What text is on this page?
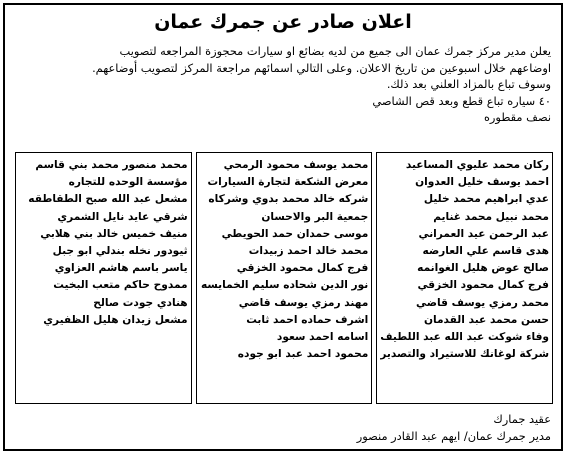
اعلان صادر عن جمرك عمان
يعلن مدير مركز جمرك عمان الى جميع من لديه بضائع او سيارات محجوزة المراجعه لتصويب
اوضاعهم خلال اسبوعين من تاريخ الاعلان. وعلى التالي اسمائهم مراجعة المركز لتصويب أوضاعهم.
وسوف تباع بالمزاد العلني بعد ذلك.
٤٠ سياره تباع قطع وبعد قص الشاصي
نصف مقطوره
ركان محمد عليوي المساعيد
احمد يوسف خليل العدوان
عدي ابراهيم محمد خليل
محمد نبيل محمد غنايم
عبد الرحمن عيد العمراني
هدى قاسم علي العارضه
صالح عوض هليل الغوانمه
فرج كمال محمود الخزقي
محمد رمزي يوسف قاضي
حسن محمد عبد القدمان
وفاء شوكت عبد الله عبد اللطيف
شركة لوغانك للاستيراد والتصدير
محمد يوسف محمود الرمحي
معرض الشكعة لتجارة السيارات
شركه خالد محمد بدوي وشركاه
جمعية البر والاحسان
موسى حمدان حمد الحويطي
محمد خالد احمد زبيدات
فرج كمال محمود الخزقي
نور الدين شحاده سليم الخمايسه
مهند رمزي يوسف قاضي
اشرف حماده احمد ثابت
اسامه احمد سعود
محمود احمد عبد ابو جوده
محمد منصور محمد بني قاسم
مؤسسة الوحده للتجاره
مشعل عبد الله صبح الطقاطقه
شرقي عايد نايل الشمري
منيف خميس خالد بني هلابي
ثيودور نخله بندلي ابو جبل
ياسر باسم هاشم العزاوي
ممدوح حاكم متعب البخيت
هنادي جودت صالح
مشعل زيدان هليل الظفيري
عقيد جمارك
مدير جمرك عمان/ ايهم عبد القادر منصور
